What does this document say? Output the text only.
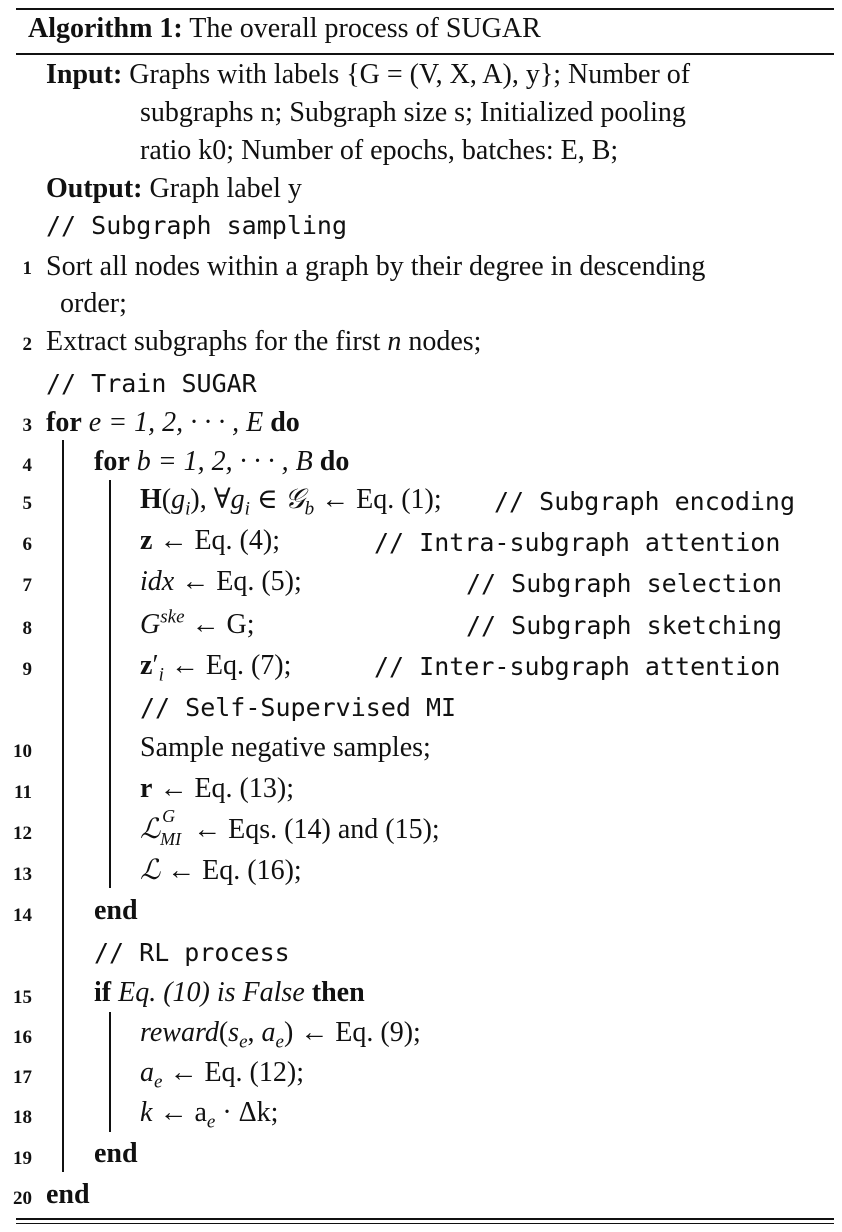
Algorithm 1: The overall process of SUGAR
Input: Graphs with labels {G = (V, X, A), y}; Number of
subgraphs n; Subgraph size s; Initialized pooling
ratio k0; Number of epochs, batches: E, B;
Output: Graph label y
// Subgraph sampling
1 Sort all nodes within a graph by their degree in descending
order;
2 Extract subgraphs for the first n nodes;
// Train SUGAR
3 for e = 1, 2, · · · , E do
4 for b = 1, 2, · · · , B do
5	$H(g_i)$, $\forall g_i$ ∈ 𝒢$_b$ ← Eq. (1); // Subgraph encoding
6	z ← Eq. (4);	// Intra-subgraph attention
7	idx ← Eq. (5);	// Subgraph selection
8	$G^{ske}$ ← G;	// Subgraph sketching
9	$z'_i$ ← Eq. (7);	// Inter-subgraph attention
// Self-Supervised MI
10	Sample negative samples;
11	r ← Eq. (13);
12	ℒ G
MI ← Eqs. (14) and (15);
13	ℒ ← Eq. (16);
14 end
// RL process
15 if Eq. (10) is False then
16	$reward(s_e$, $a_e$) ← Eq. (9);
17	$a_e$ ← Eq. (12);
18	k ← $a_e \cdot \Delta k$;
19 end
20 end
